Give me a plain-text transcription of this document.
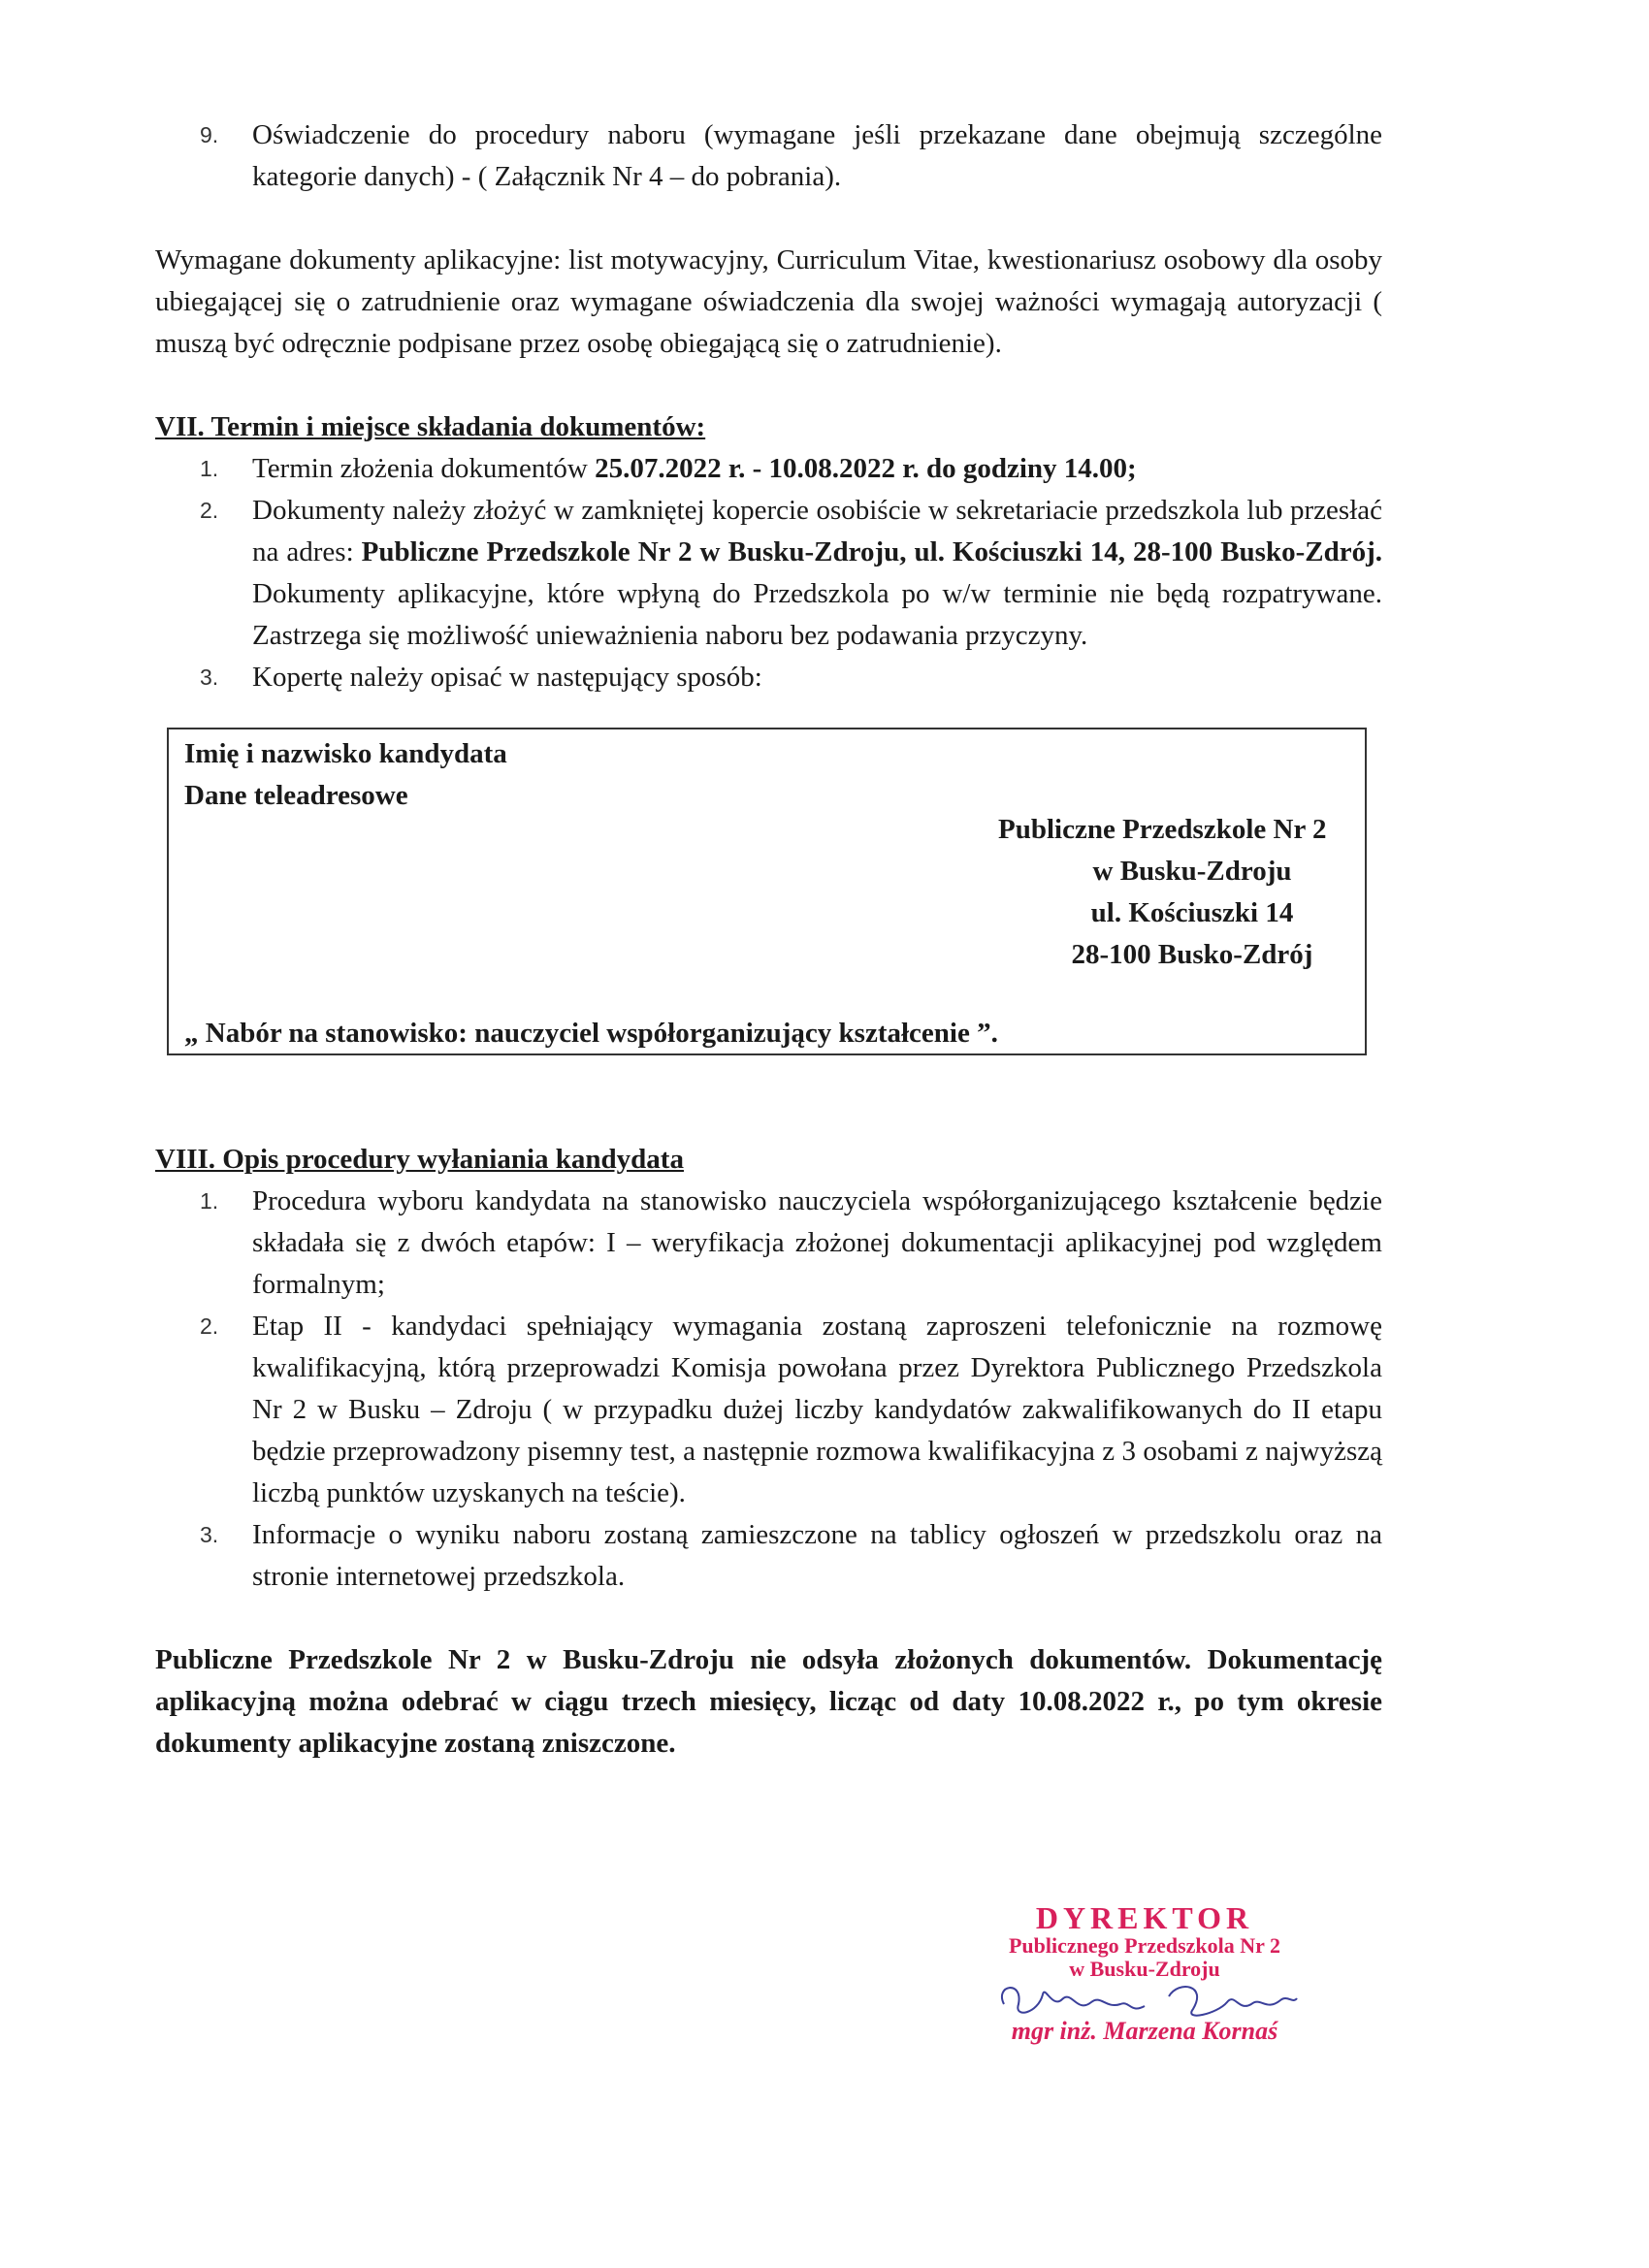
9. Oświadczenie do procedury naboru (wymagane jeśli przekazane dane obejmują szczególne kategorie danych) - ( Załącznik Nr 4 – do pobrania).

Wymagane dokumenty aplikacyjne: list motywacyjny, Curriculum Vitae, kwestionariusz osobowy dla osoby ubiegającej się o zatrudnienie oraz wymagane oświadczenia dla swojej ważności wymagają autoryzacji ( muszą być odręcznie podpisane przez osobę obiegającą się o zatrudnienie).

VII. Termin i miejsce składania dokumentów:

1. Termin złożenia dokumentów 25.07.2022 r. - 10.08.2022 r. do godziny 14.00;
2. Dokumenty należy złożyć w zamkniętej kopercie osobiście w sekretariacie przedszkola lub przesłać na adres: Publiczne Przedszkole Nr 2 w Busku-Zdroju, ul. Kościuszki 14, 28-100 Busko-Zdrój. Dokumenty aplikacyjne, które wpłyną do Przedszkola po w/w terminie nie będą rozpatrywane. Zastrzega się możliwość unieważnienia naboru bez podawania przyczyny.
3. Kopertę należy opisać w następujący sposób:
Imię i nazwisko kandydata
Dane teleadresowe
Publiczne Przedszkole Nr 2
w Busku-Zdroju
ul. Kościuszki 14
28-100 Busko-Zdrój
„ Nabór na stanowisko: nauczyciel współorganizujący kształcenie ”.

VIII. Opis procedury wyłaniania kandydata

1. Procedura wyboru kandydata na stanowisko nauczyciela współorganizującego kształcenie będzie składała się z dwóch etapów: I – weryfikacja złożonej dokumentacji aplikacyjnej pod względem formalnym;
2. Etap II - kandydaci spełniający wymagania zostaną zaproszeni telefonicznie na rozmowę kwalifikacyjną, którą przeprowadzi Komisja powołana przez Dyrektora Publicznego Przedszkola Nr 2 w Busku – Zdroju ( w przypadku dużej liczby kandydatów zakwalifikowanych do II etapu będzie przeprowadzony pisemny test, a następnie rozmowa kwalifikacyjna z 3 osobami z najwyższą liczbą punktów uzyskanych na teście).
3. Informacje o wyniku naboru zostaną zamieszczone na tablicy ogłoszeń w przedszkolu oraz na stronie internetowej przedszkola.

Publiczne Przedszkole Nr 2 w Busku-Zdroju nie odsyła złożonych dokumentów. Dokumentację aplikacyjną można odebrać w ciągu trzech miesięcy, licząc od daty 10.08.2022 r., po tym okresie dokumenty aplikacyjne zostaną zniszczone.

DYREKTOR
Publicznego Przedszkola Nr 2
w Busku-Zdroju
mgr inż. Marzena Kornaś
